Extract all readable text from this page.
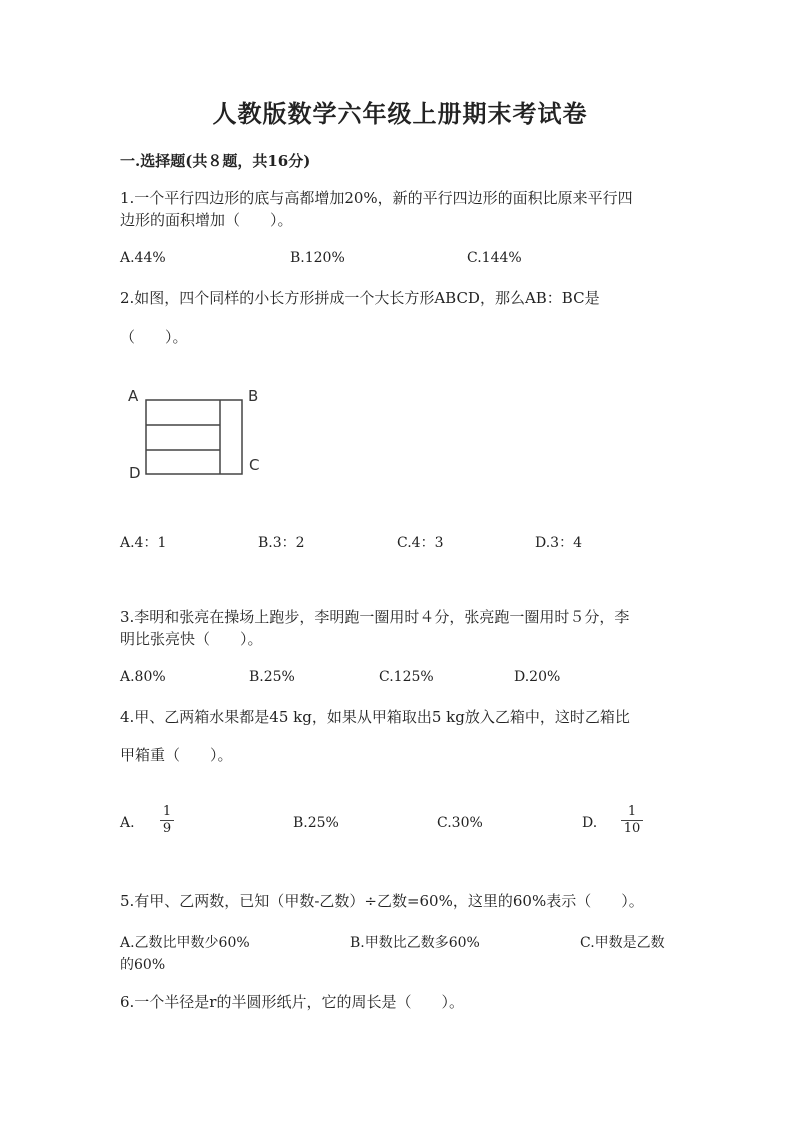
人教版数学六年级上册期末考试卷
一.选择题(共８题，共16分)
1.一个平行四边形的底与高都增加20%，新的平行四边形的面积比原来平行四
边形的面积增加（　　）。
A.44%	B.120%	C.144%
2.如图，四个同样的小长方形拼成一个大长方形ABCD，那么AB：BC是
（　　）。
A	B
C
D
A.4：1	B.3：2	C.4：3	D.3：4
3.李明和张亮在操场上跑步，李明跑一圈用时４分，张亮跑一圈用时５分，李
明比张亮快（　　）。
A.80%	B.25%	C.125%	D.20%
4.甲、乙两箱水果都是45 kg，如果从甲箱取出5 kg放入乙箱中，这时乙箱比
甲箱重（　　）。
A.
1
9	B.25%	C.30%	D.
1
10
5.有甲、乙两数，已知（甲数-乙数）÷乙数=60%，这里的60%表示（　　）。
A.乙数比甲数少60%	B.甲数比乙数多60%	C.甲数是乙数
的60%
6.一个半径是r的半圆形纸片，它的周长是（　　）。
